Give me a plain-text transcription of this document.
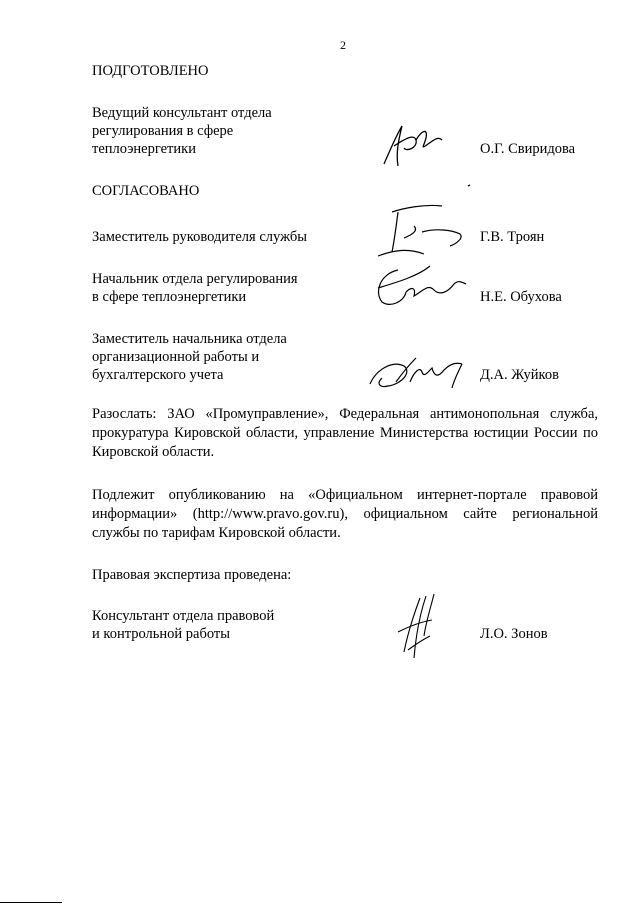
2
ПОДГОТОВЛЕНО
Ведущий консультант отдела
регулирования в сфере
теплоэнергетики	О.Г. Свиридова
СОГЛАСОВАНО
Заместитель руководителя службы	Г.В. Троян
Начальник отдела регулирования
в сфере теплоэнергетики	Н.Е. Обухова
Заместитель начальника отдела
организационной работы и
бухгалтерского учета	Д.А. Жуйков
Разослать: ЗАО «Промуправление», Федеральная антимонопольная служба, прокуратура Кировской области, управление Министерства юстиции России по Кировской области.
Подлежит опубликованию на «Официальном интернет-портале правовой информации» (http://www.pravo.gov.ru), официальном сайте региональной службы по тарифам Кировской области.
Правовая экспертиза проведена:
Консультант отдела правовой
и контрольной работы	Л.О. Зонов
